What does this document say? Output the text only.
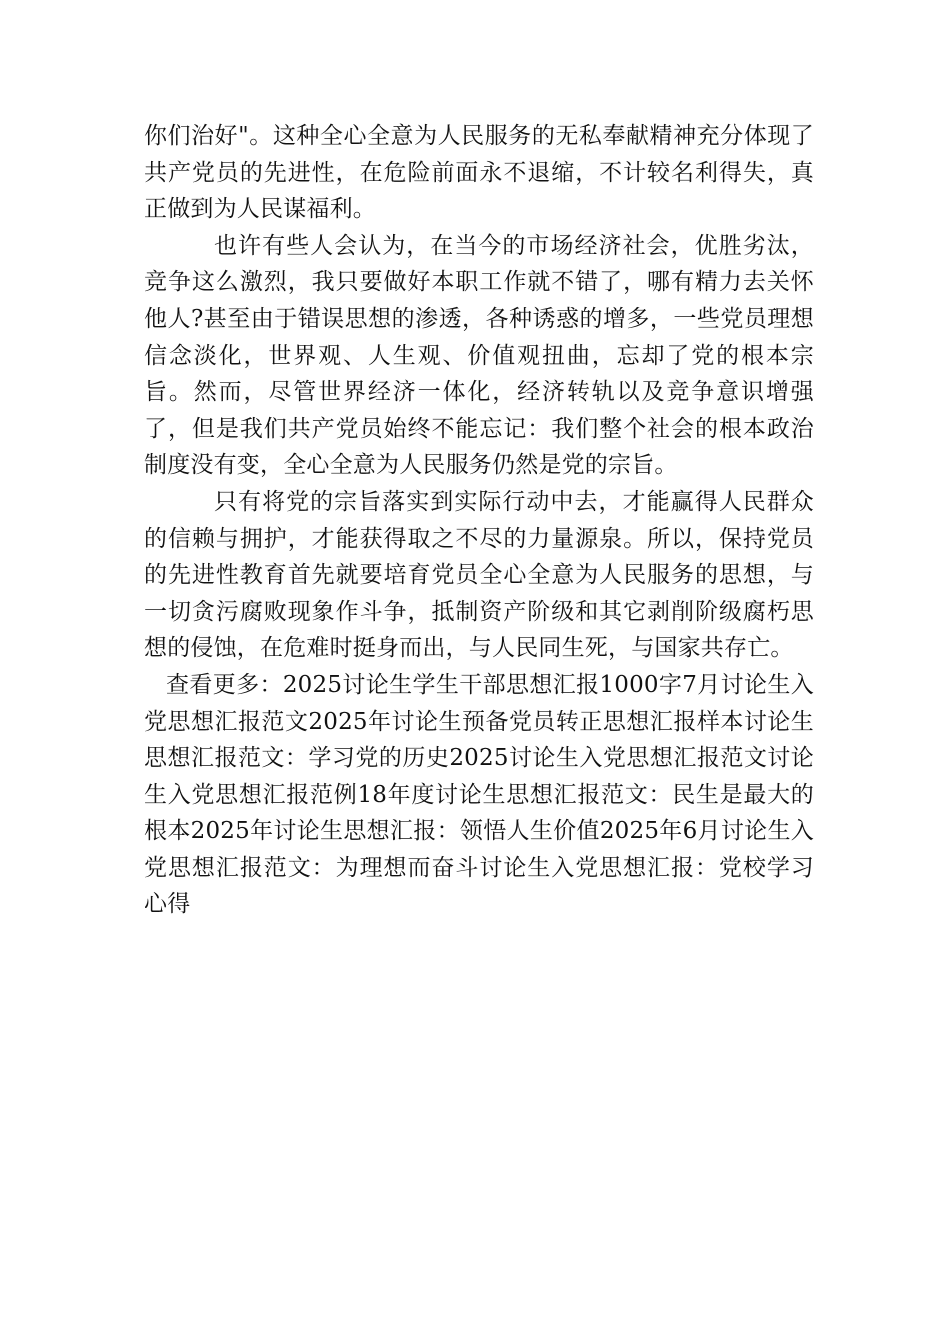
你们治好"。这种全心全意为人民服务的无私奉献精神充分体现了共产党员的先进性，在危险前面永不退缩，不计较名利得失，真正做到为人民谋福利。

也许有些人会认为，在当今的市场经济社会，优胜劣汰，竞争这么激烈，我只要做好本职工作就不错了，哪有精力去关怀他人?甚至由于错误思想的渗透，各种诱惑的增多，一些党员理想信念淡化，世界观、人生观、价值观扭曲，忘却了党的根本宗旨。然而，尽管世界经济一体化，经济转轨以及竞争意识增强了，但是我们共产党员始终不能忘记：我们整个社会的根本政治制度没有变，全心全意为人民服务仍然是党的宗旨。

只有将党的宗旨落实到实际行动中去，才能赢得人民群众的信赖与拥护，才能获得取之不尽的力量源泉。所以，保持党员的先进性教育首先就要培育党员全心全意为人民服务的思想，与一切贪污腐败现象作斗争，抵制资产阶级和其它剥削阶级腐朽思想的侵蚀，在危难时挺身而出，与人民同生死，与国家共存亡。

查看更多：2025讨论生学生干部思想汇报1000字7月讨论生入党思想汇报范文2025年讨论生预备党员转正思想汇报样本讨论生思想汇报范文：学习党的历史2025讨论生入党思想汇报范文讨论生入党思想汇报范例18年度讨论生思想汇报范文：民生是最大的根本2025年讨论生思想汇报：领悟人生价值2025年6月讨论生入党思想汇报范文：为理想而奋斗讨论生入党思想汇报：党校学习心得
